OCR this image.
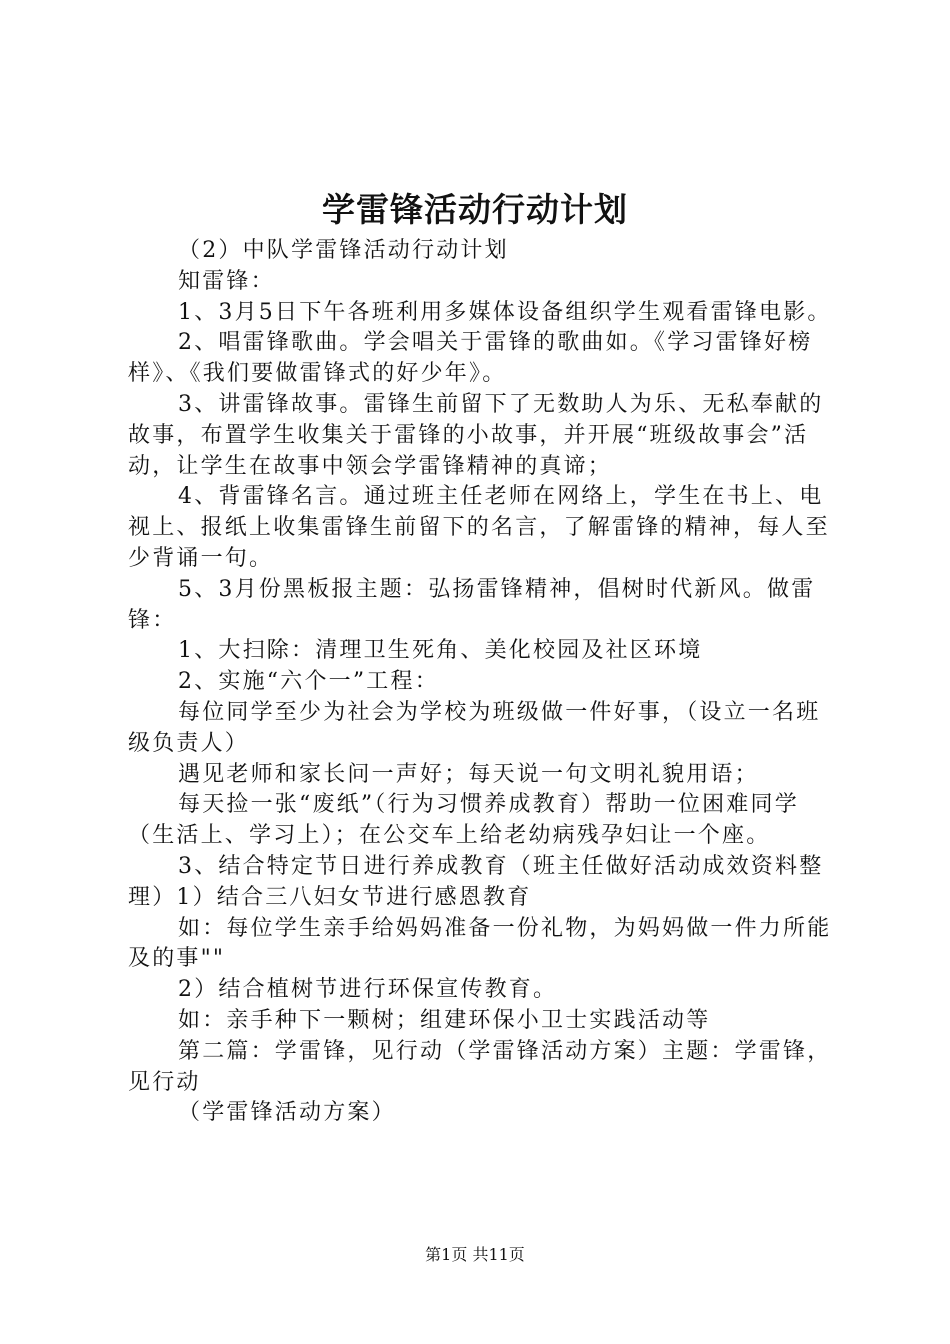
学雷锋活动行动计划

（2）中队学雷锋活动行动计划

知雷锋：

1、3月5日下午各班利用多媒体设备组织学生观看雷锋电影。

2、唱雷锋歌曲。学会唱关于雷锋的歌曲如。《学习雷锋好榜样》、《我们要做雷锋式的好少年》。

3、讲雷锋故事。雷锋生前留下了无数助人为乐、无私奉献的故事，布置学生收集关于雷锋的小故事，并开展“班级故事会”活动，让学生在故事中领会学雷锋精神的真谛；

4、背雷锋名言。通过班主任老师在网络上，学生在书上、电视上、报纸上收集雷锋生前留下的名言，了解雷锋的精神，每人至少背诵一句。

5、3月份黑板报主题：弘扬雷锋精神，倡树时代新风。做雷锋：

1、大扫除：清理卫生死角、美化校园及社区环境

2、实施“六个一”工程：

每位同学至少为社会为学校为班级做一件好事，（设立一名班级负责人）

遇见老师和家长问一声好；每天说一句文明礼貌用语；

每天捡一张“废纸”（行为习惯养成教育）帮助一位困难同学（生活上、学习上）；在公交车上给老幼病残孕妇让一个座。

3、结合特定节日进行养成教育（班主任做好活动成效资料整理）1）结合三八妇女节进行感恩教育

如：每位学生亲手给妈妈准备一份礼物，为妈妈做一件力所能及的事""

2）结合植树节进行环保宣传教育。

如：亲手种下一颗树；组建环保小卫士实践活动等

第二篇：学雷锋，见行动（学雷锋活动方案）主题：学雷锋，见行动

（学雷锋活动方案）

第1页 共11页
